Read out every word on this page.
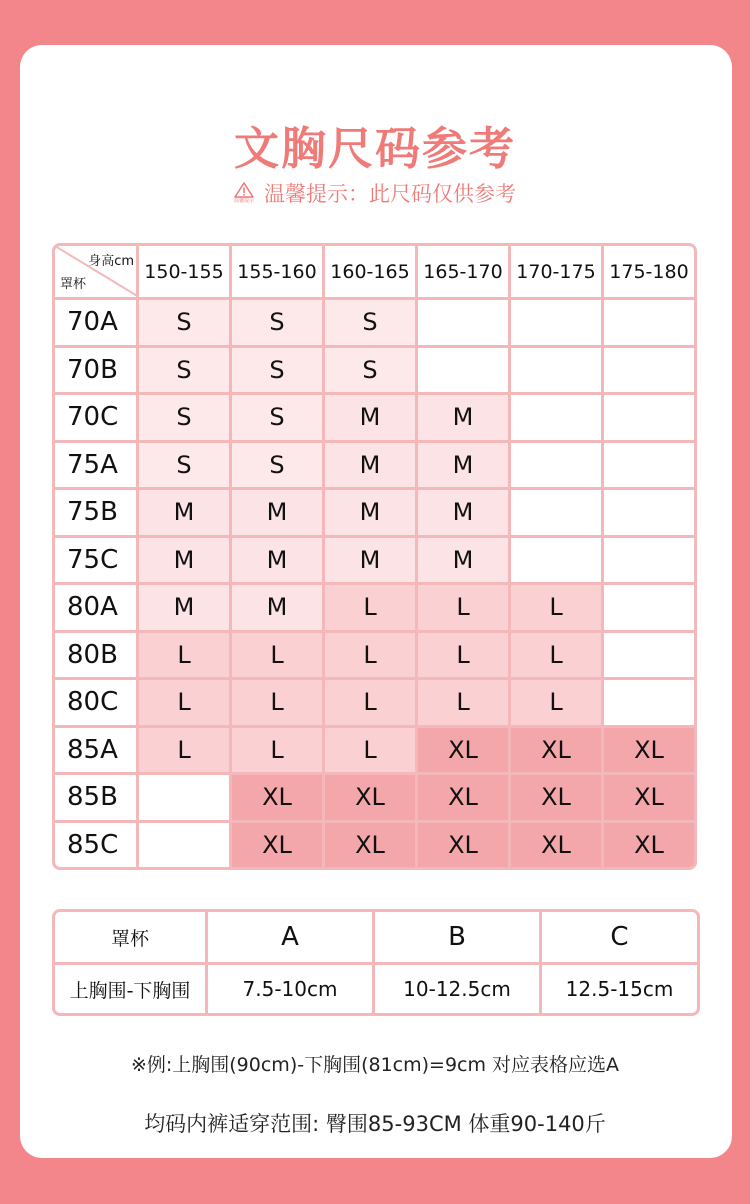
文胸尺码参考
温馨提示 温馨提示：此尺码仅供参考
身高cm
罩杯	150-155	155-160	160-165	165-170	170-175	175-180
70A	S	S	S			
70B	S	S	S			
70C	S	S	M	M		
75A	S	S	M	M		
75B	M	M	M	M		
75C	M	M	M	M		
80A	M	M	L	L	L	
80B	L	L	L	L	L	
80C	L	L	L	L	L	
85A	L	L	L	XL	XL	XL
85B		XL	XL	XL	XL	XL
85C		XL	XL	XL	XL	XL
罩杯	A	B	C
上胸围-下胸围	7.5-10cm	10-12.5cm	12.5-15cm
※例:上胸围(90cm)-下胸围(81cm)=9cm 对应表格应选A
均码内裤适穿范围: 臀围85-93CM 体重90-140斤
